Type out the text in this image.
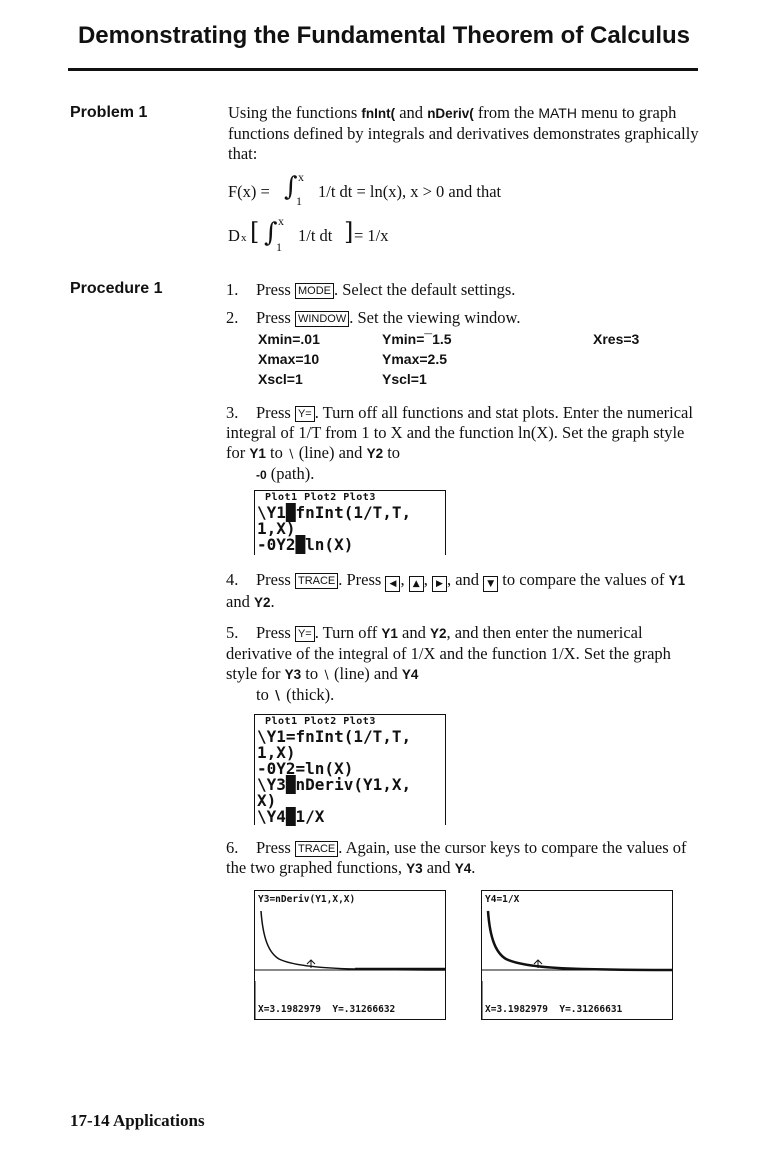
Demonstrating the Fundamental Theorem of Calculus
Problem 1	Using the functions fnInt( and nDeriv( from the MATH menu to graph functions defined by integrals and derivatives demonstrates graphically that:
F(x) = ∫ x
1 1/t dt = ln(x), x > 0 and that
D x [ ∫ x
1
1/t dt ] = 1/x
Procedure 1	1. Press MODE . Select the default settings.
2. Press WINDOW . Set the viewing window.
Xmin=.01	Ymin=¯1.5	Xres=3
Xmax=10	Ymax=2.5
Xscl=1	Yscl=1
3. Press Y= . Turn off all functions and stat plots. Enter the numerical integral of 1/T from 1 to X and the function ln(X). Set the graph style for Y1 to ∖ (line) and Y2 to
-0 (path).
Plot1 Plot2 Plot3
\Y1█fnInt(1/T,T,
1,X)
-0Y2█ln(X)
4. Press TRACE . Press ◀ , ▲ , ▶ , and ▼ to compare the values of Y1 and Y2.
5. Press Y= . Turn off Y1 and Y2, and then enter the numerical derivative of the integral of 1/X and the function 1/X. Set the graph style for Y3 to ∖ (line) and Y4
to ∖ (thick).
Plot1 Plot2 Plot3
\Y1=fnInt(1/T,T,
1,X)
-0Y2=ln(X)
\Y3█nDeriv(Y1,X,
X)
\Y4█1/X
6. Press TRACE . Again, use the cursor keys to compare the values of the two graphed functions, Y3 and Y4.
Y3=nDeriv(Y1,X,X)
X=3.1982979  Y=.31266632
Y4=1/X
X=3.1982979  Y=.31266631
17-14 Applications
